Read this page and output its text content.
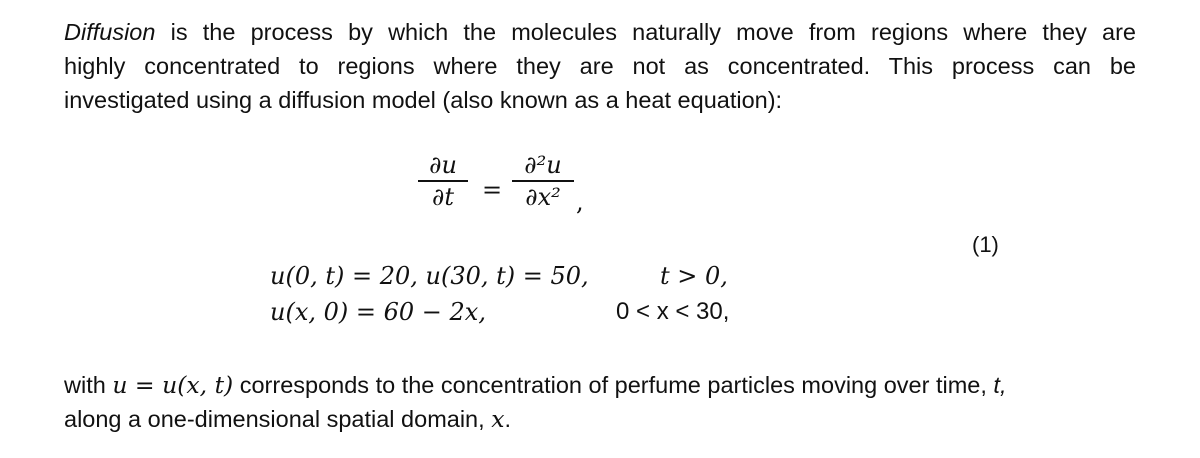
Diffusion is the process by which the molecules naturally move from regions where they are
highly concentrated to regions where they are not as concentrated. This process can be
investigated using a diffusion model (also known as a heat equation):
∂u
∂t	=
∂²u
∂x² ,
u(0, t) = 20, u(30, t) = 50,	t > 0,
u(x, 0) = 60 − 2x,	0 < x < 30,
(1)
with u = u(x, t) corresponds to the concentration of perfume particles moving over time, t,
along a one-dimensional spatial domain, x.
